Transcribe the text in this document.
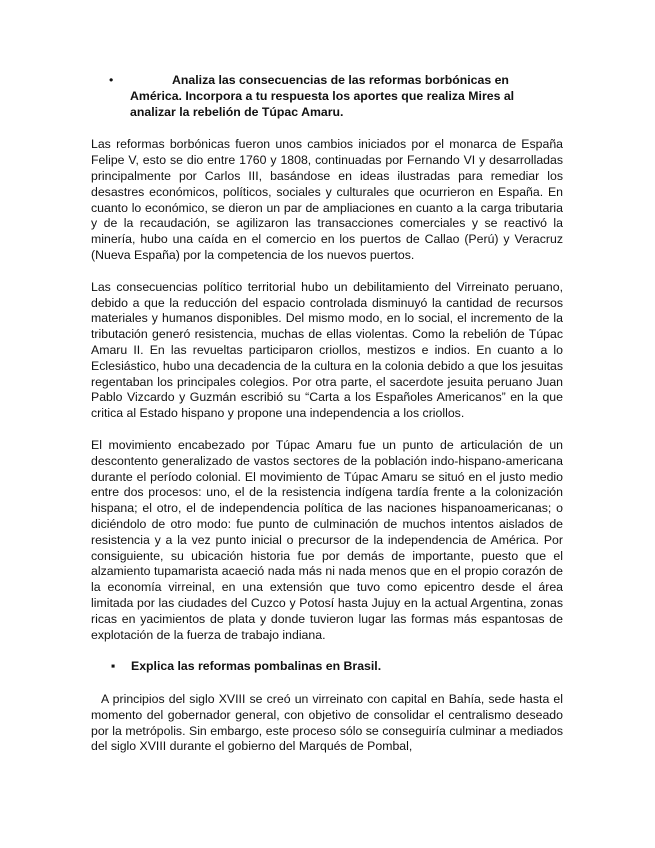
•	Analiza las consecuencias de las reformas borbónicas en América. Incorpora a tu respuesta los aportes que realiza Mires al analizar la rebelión de Túpac Amaru.

Las reformas borbónicas fueron unos cambios iniciados por el monarca de España Felipe V, esto se dio entre 1760 y 1808, continuadas por Fernando VI y desarrolladas principalmente por Carlos III, basándose en ideas ilustradas para remediar los desastres económicos, políticos, sociales y culturales que ocurrieron en España. En cuanto lo económico, se dieron un par de ampliaciones en cuanto a la carga tributaria y de la recaudación, se agilizaron las transacciones comerciales y se reactivó la minería, hubo una caída en el comercio en los puertos de Callao (Perú) y Veracruz (Nueva España) por la competencia de los nuevos puertos.

Las consecuencias político territorial hubo un debilitamiento del Virreinato peruano, debido a que la reducción del espacio controlada disminuyó la cantidad de recursos materiales y humanos disponibles. Del mismo modo, en lo social, el incremento de la tributación generó resistencia, muchas de ellas violentas. Como la rebelión de Túpac Amaru II. En las revueltas participaron criollos, mestizos e indios. En cuanto a lo Eclesiástico, hubo una decadencia de la cultura en la colonia debido a que los jesuitas regentaban los principales colegios. Por otra parte, el sacerdote jesuita peruano Juan Pablo Vizcardo y Guzmán escribió su “Carta a los Españoles Americanos” en la que critica al Estado hispano y propone una independencia a los criollos.

El movimiento encabezado por Túpac Amaru fue un punto de articulación de un descontento generalizado de vastos sectores de la población indo-hispano-americana durante el período colonial. El movimiento de Túpac Amaru se situó en el justo medio entre dos procesos: uno, el de la resistencia indígena tardía frente a la colonización hispana; el otro, el de independencia política de las naciones hispanoamericanas; o diciéndolo de otro modo: fue punto de culminación de muchos intentos aislados de resistencia y a la vez punto inicial o precursor de la independencia de América. Por consiguiente, su ubicación historia fue por demás de importante, puesto que el alzamiento tupamarista acaeció nada más ni nada menos que en el propio corazón de la economía virreinal, en una extensión que tuvo como epicentro desde el área limitada por las ciudades del Cuzco y Potosí hasta Jujuy en la actual Argentina, zonas ricas en yacimientos de plata y donde tuvieron lugar las formas más espantosas de explotación de la fuerza de trabajo indiana.

▪ Explica las reformas pombalinas en Brasil.

A principios del siglo XVIII se creó un virreinato con capital en Bahía, sede hasta el momento del gobernador general, con objetivo de consolidar el centralismo deseado por la metrópolis. Sin embargo, este proceso sólo se conseguiría culminar a mediados del siglo XVIII durante el gobierno del Marqués de Pombal,
